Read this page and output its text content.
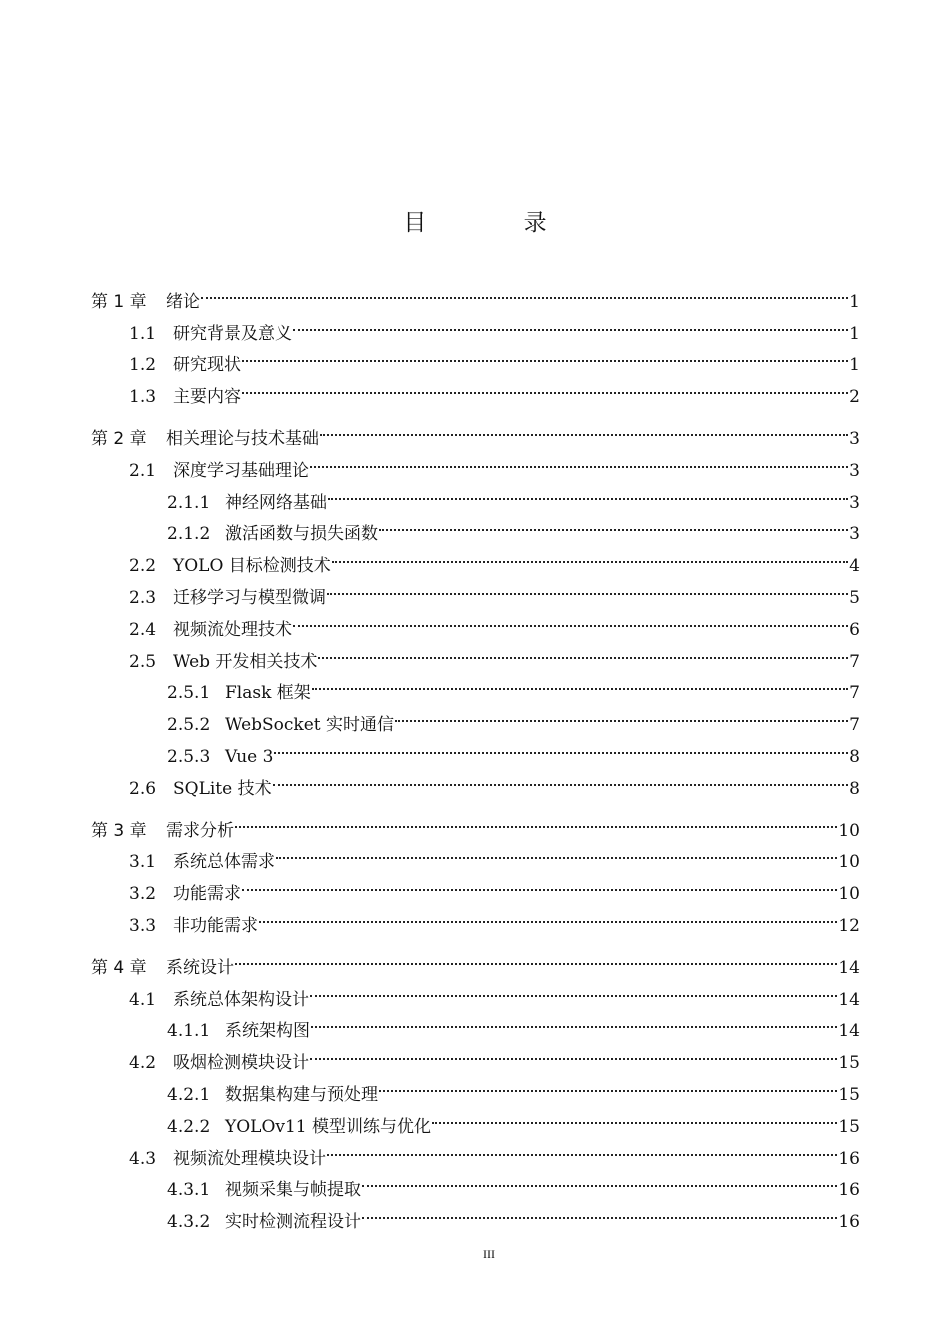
目 录
第 1 章	绪论	1
1.1 研究背景及意义	1
1.2 研究现状	1
1.3 主要内容	2
第 2 章	相关理论与技术基础	3
2.1 深度学习基础理论	3
2.1.1 神经网络基础	3
2.1.2 激活函数与损失函数	3
2.2 YOLO 目标检测技术	4
2.3 迁移学习与模型微调	5
2.4 视频流处理技术	6
2.5 Web 开发相关技术	7
2.5.1 Flask 框架	7
2.5.2 WebSocket 实时通信	7
2.5.3 Vue 3	8
2.6 SQLite 技术	8
第 3 章	需求分析	10
3.1 系统总体需求	10
3.2 功能需求	10
3.3 非功能需求	12
第 4 章	系统设计	14
4.1 系统总体架构设计	14
4.1.1 系统架构图	14
4.2 吸烟检测模块设计	15
4.2.1 数据集构建与预处理	15
4.2.2 YOLOv11 模型训练与优化	15
4.3 视频流处理模块设计	16
4.3.1 视频采集与帧提取	16
4.3.2 实时检测流程设计	16
III
